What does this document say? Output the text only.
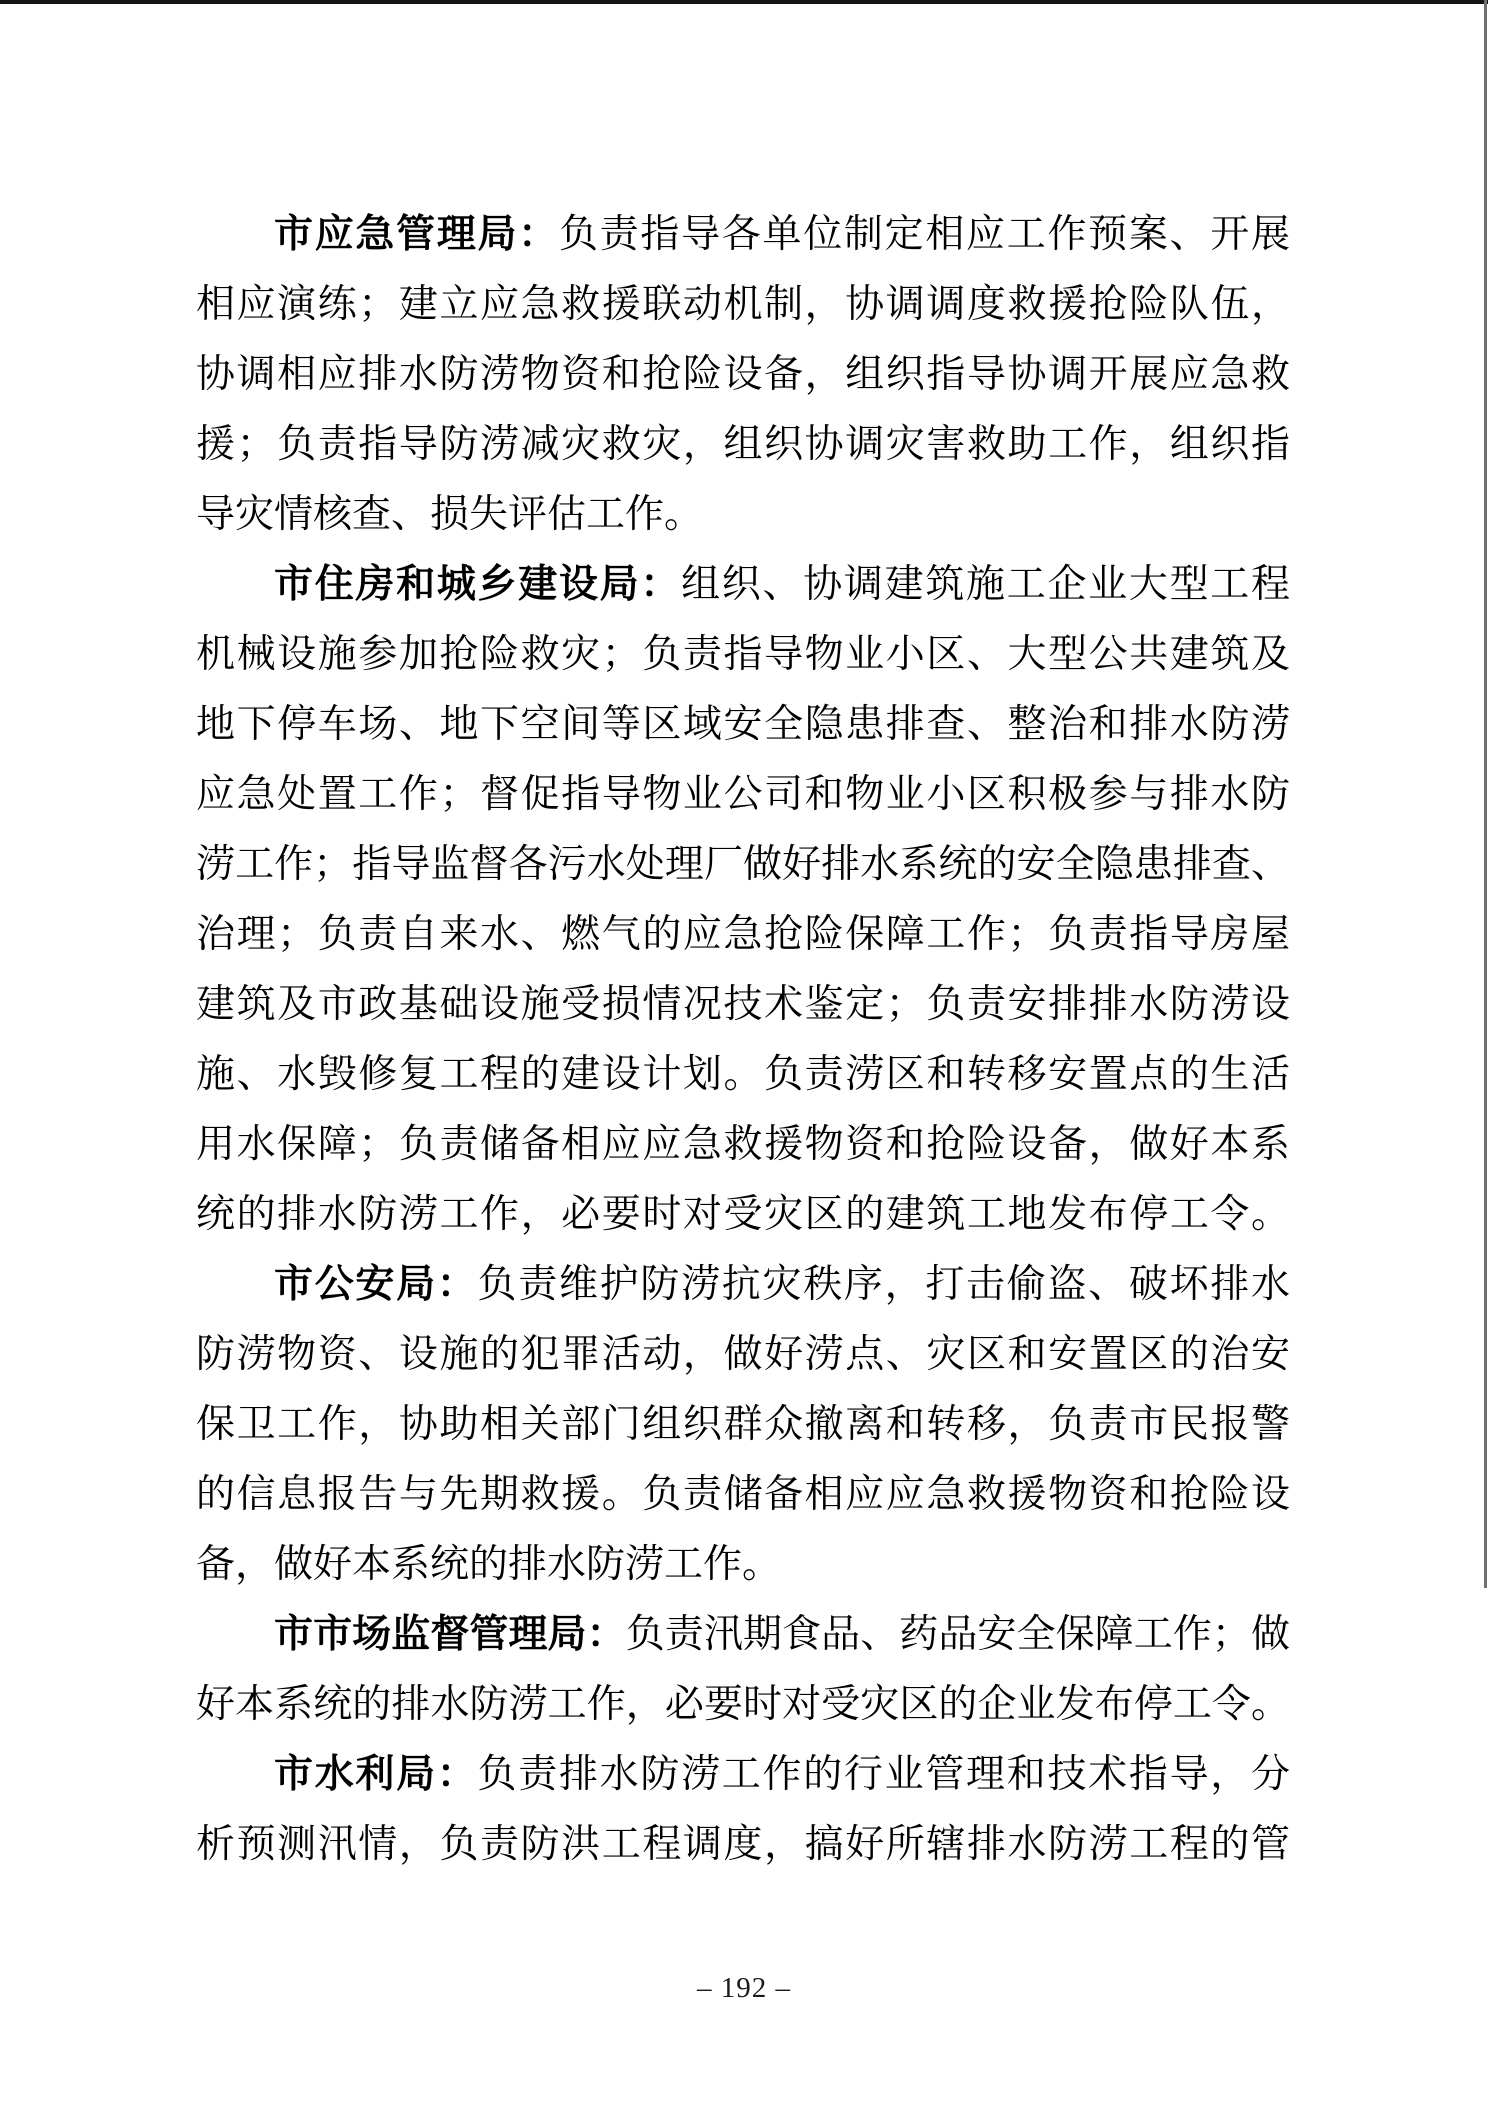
市应急管理局：负责指导各单位制定相应工作预案、开展
相应演练；建立应急救援联动机制，协调调度救援抢险队伍，
协调相应排水防涝物资和抢险设备，组织指导协调开展应急救
援；负责指导防涝减灾救灾，组织协调灾害救助工作，组织指
导灾情核查、损失评估工作。
市住房和城乡建设局：组织、协调建筑施工企业大型工程
机械设施参加抢险救灾；负责指导物业小区、大型公共建筑及
地下停车场、地下空间等区域安全隐患排查、整治和排水防涝
应急处置工作；督促指导物业公司和物业小区积极参与排水防
涝工作；指导监督各污水处理厂做好排水系统的安全隐患排查、
治理；负责自来水、燃气的应急抢险保障工作；负责指导房屋
建筑及市政基础设施受损情况技术鉴定；负责安排排水防涝设
施、水毁修复工程的建设计划。负责涝区和转移安置点的生活
用水保障；负责储备相应应急救援物资和抢险设备，做好本系
统的排水防涝工作，必要时对受灾区的建筑工地发布停工令。
市公安局：负责维护防涝抗灾秩序，打击偷盗、破坏排水
防涝物资、设施的犯罪活动，做好涝点、灾区和安置区的治安
保卫工作，协助相关部门组织群众撤离和转移，负责市民报警
的信息报告与先期救援。负责储备相应应急救援物资和抢险设
备，做好本系统的排水防涝工作。
市市场监督管理局：负责汛期食品、药品安全保障工作；做
好本系统的排水防涝工作，必要时对受灾区的企业发布停工令。
市水利局：负责排水防涝工作的行业管理和技术指导，分
析预测汛情，负责防洪工程调度，搞好所辖排水防涝工程的管
– 192 –
